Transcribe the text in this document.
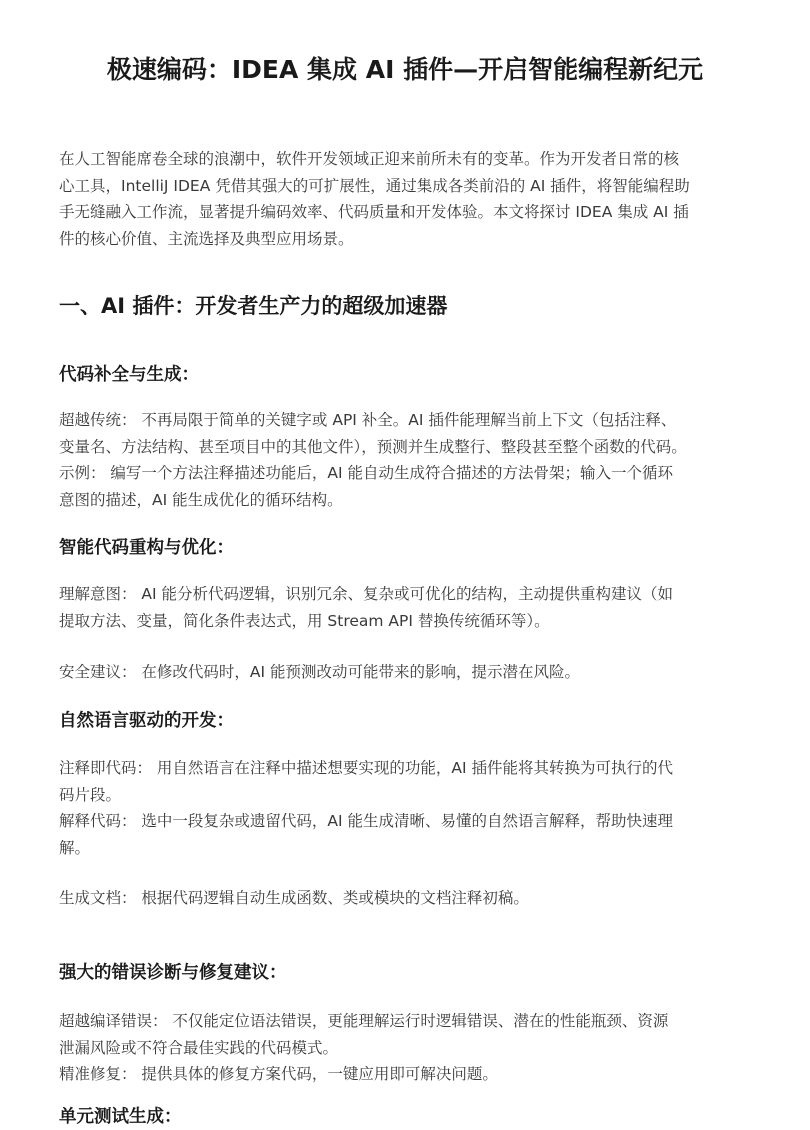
极速编码：IDEA 集成 AI 插件—开启智能编程新纪元

在人工智能席卷全球的浪潮中，软件开发领域正迎来前所未有的变革。作为开发者日常的核
心工具，IntelliJ IDEA 凭借其强大的可扩展性，通过集成各类前沿的 AI 插件，将智能编程助
手无缝融入工作流，显著提升编码效率、代码质量和开发体验。本文将探讨 IDEA 集成 AI 插
件的核心价值、主流选择及典型应用场景。

一、AI 插件：开发者生产力的超级加速器
代码补全与生成：

超越传统： 不再局限于简单的关键字或 API 补全。AI 插件能理解当前上下文（包括注释、
变量名、方法结构、甚至项目中的其他文件），预测并生成整行、整段甚至整个函数的代码。
示例： 编写一个方法注释描述功能后，AI 能自动生成符合描述的方法骨架；输入一个循环
意图的描述，AI 能生成优化的循环结构。

智能代码重构与优化：

理解意图： AI 能分析代码逻辑，识别冗余、复杂或可优化的结构，主动提供重构建议（如
提取方法、变量，简化条件表达式，用 Stream API 替换传统循环等）。

安全建议： 在修改代码时，AI 能预测改动可能带来的影响，提示潜在风险。

自然语言驱动的开发：

注释即代码： 用自然语言在注释中描述想要实现的功能，AI 插件能将其转换为可执行的代
码片段。
解释代码： 选中一段复杂或遗留代码，AI 能生成清晰、易懂的自然语言解释，帮助快速理
解。

生成文档： 根据代码逻辑自动生成函数、类或模块的文档注释初稿。

强大的错误诊断与修复建议：

超越编译错误： 不仅能定位语法错误，更能理解运行时逻辑错误、潜在的性能瓶颈、资源
泄漏风险或不符合最佳实践的代码模式。
精准修复： 提供具体的修复方案代码，一键应用即可解决问题。

单元测试生成：
